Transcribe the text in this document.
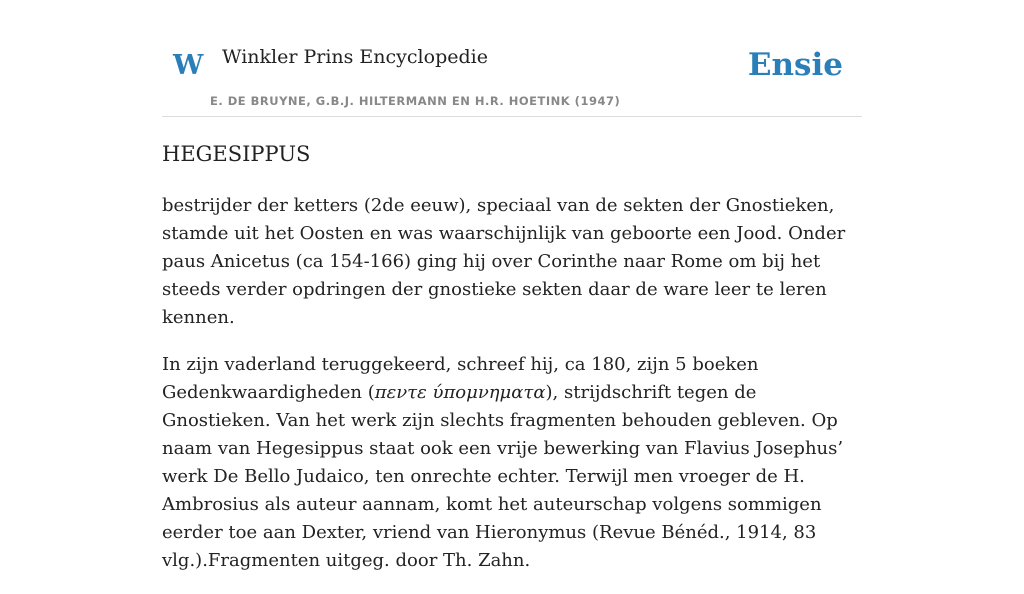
W Winkler Prins Encyclopedie
E. DE BRUYNE, G.B.J. HILTERMANN EN H.R. HOETINK (1947)
Ensie
HEGESIPPUS

bestrijder der ketters (2de eeuw), speciaal van de sekten der Gnostieken, stamde uit het Oosten en was waarschijnlijk van geboorte een Jood. Onder paus Anicetus (ca 154-166) ging hij over Corinthe naar Rome om bij het steeds verder opdringen der gnostieke sekten daar de ware leer te leren kennen.

In zijn vaderland teruggekeerd, schreef hij, ca 180, zijn 5 boeken Gedenkwaardigheden (πεντε ύπομνηματα), strijdschrift tegen de Gnostieken. Van het werk zijn slechts fragmenten behouden gebleven. Op naam van Hegesippus staat ook een vrije bewerking van Flavius Josephus’ werk De Bello Judaico, ten onrechte echter. Terwijl men vroeger de H. Ambrosius als auteur aannam, komt het auteurschap volgens sommigen eerder toe aan Dexter, vriend van Hieronymus (Revue Bénéd., 1914, 83 vlg.).Fragmenten uitgeg. door Th. Zahn.
